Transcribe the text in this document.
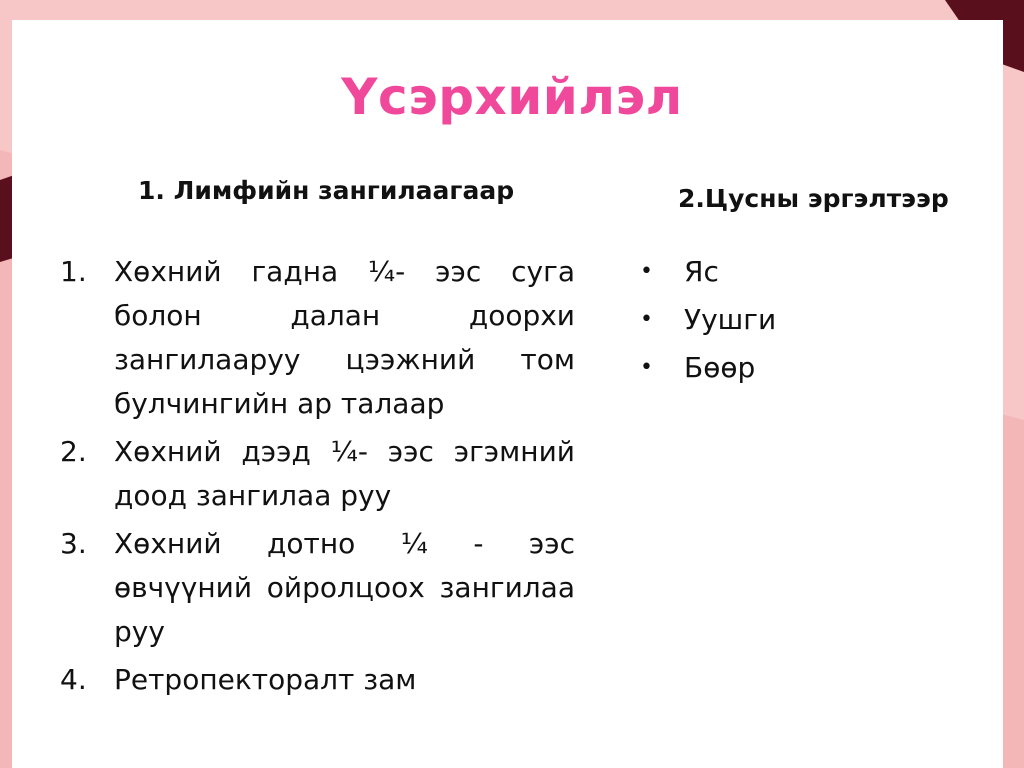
Үсэрхийлэл
1. Лимфийн зангилаагаар	2.Цусны эргэлтээр
1. Хөхний гадна ¼- ээс суга болон далан доорхи зангилааруу цээжний том булчингийн ар талаар
2. Хөхний дээд ¼- ээс эгэмний доод зангилаа руу
3. Хөхний дотно ¼ - ээс өвчүүний ойролцоох зангилаа руу
4. Ретропекторалт зам
•	Яс
•	Уушги
•	Бөөр
